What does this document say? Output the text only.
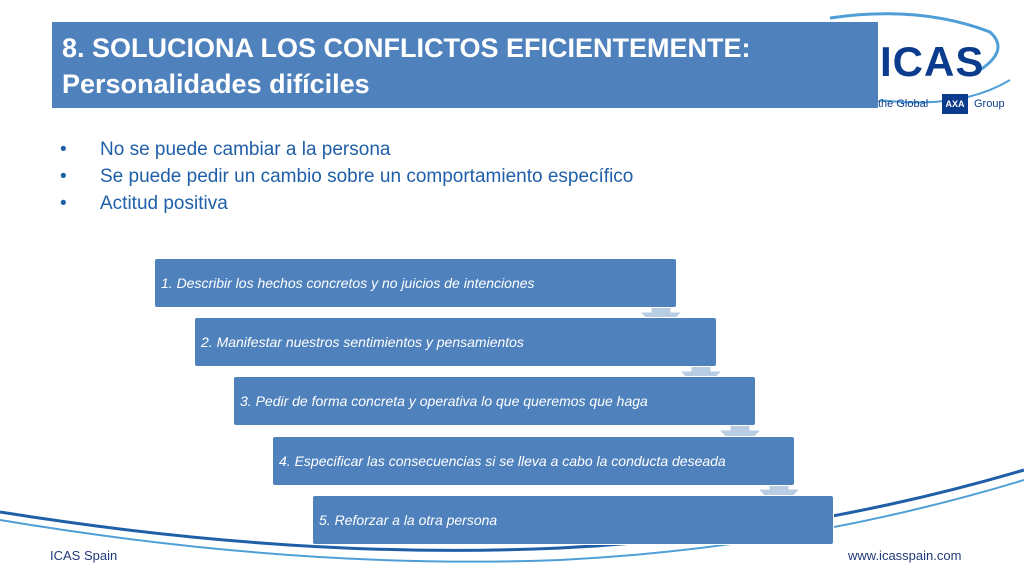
8. SOLUCIONA LOS CONFLICTOS EFICIENTEMENTE:
Personalidades difíciles	ICAS
the Global	AXA Group
• No se puede cambiar a la persona
• Se puede pedir un cambio sobre un comportamiento específico
• Actitud positiva
1. Describir los hechos concretos y no juicios de intenciones
2. Manifestar nuestros sentimientos y pensamientos
3. Pedir de forma concreta y operativa lo que queremos que haga
4. Especificar las consecuencias si se lleva a cabo la conducta deseada
5. Reforzar a la otra persona
ICAS Spain	www.icasspain.com
